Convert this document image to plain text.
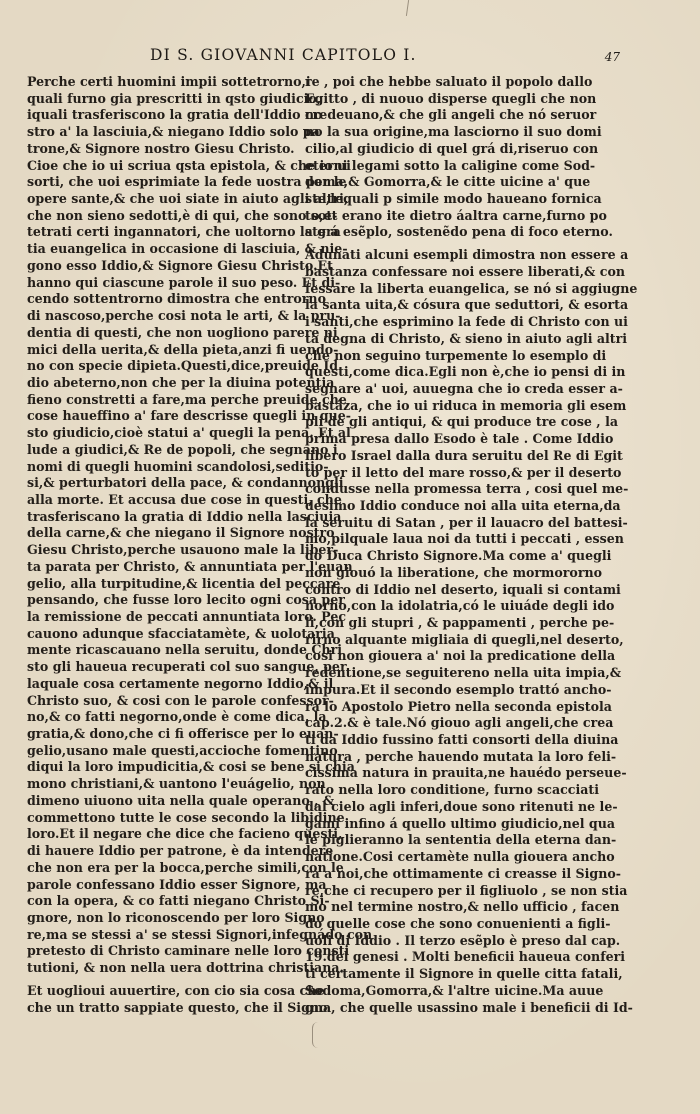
DI S. GIOVANNI CAPITOLO I.	47
Perche certi huomini impii sottetrorno,i
quali furno gia prescritti in qsto giudicio,
iquali trasferiscono la gratia dell'Iddio no
stro a' la lasciuia,& niegano Iddio solo pa
trone,& Signore nostro Giesu Christo.
Cioe che io ui scriua qsta epistola, & che io ui
sorti, che uoi esprimiate la fede uostra per le
opere sante,& che uoi siate in aiuto agli altri,
che non sieno sedotti,è di qui, che sono sot-
tetrati certi ingannatori, che uoltorno la gra
tia euangelica in occasione di lasciuia, & nie-
gono esso Iddio,& Signore Giesu Christo.Et
hanno qui ciascune parole il suo peso. Et di-
cendo sottentrorno dimostra che entrorno
di nascoso,perche cosi nota le arti, & la pru-
dentia di questi, che non uogliono parere ni
mici della uerita,& della pieta,anzi fi uendo-
no con specie dipieta.Questi,dice,preuide Id
dio abeterno,non che per la diuina potentia
fieno constretti a fare,ma perche preuide,che
cose haueffino a' fare descrisse quegli in que-
sto giudicio,cioè statui a' quegli la pena. Et al
lude a giudici,& Re de popoli, che segnano i
nomi di quegli huomini scandolosi,seditio-
si,& perturbatori della pace, & condannongli
alla morte. Et accusa due cose in questi, che
trasferiscano la gratia di Iddio nella lasciuia
della carne,& che niegano il Signore nostro
Giesu Christo,perche usauono male la liber-
ta parata per Christo, & annuntiata per l'euan
gelio, alla turpitudine,& licentia del peccare
pensando, che fusse loro lecito ogni cosa per
la remissione de peccati annuntiata loro. Pec
cauono adunque sfacciatamète, & uolotaria
mente ricascauano nella seruitu, donde Chri
sto gli haueua recuperati col suo sangue, per
laquale cosa certamente negorno Iddio,& il
Christo suo, & cosi con le parole confessor-
no,& co fatti negorno,onde è come dica, la
gratia,& dono,che ci fi offerisce per lo euan-
gelio,usano male questi,accioche fomentino
diqui la loro impudicitia,& cosi se bene si chia
mono christiani,& uantono l'euágelio, non
dimeno uiuono uita nella quale operano , &
commettono tutte le cose secondo la libidine
loro.Et il negare che dice che facieno questi,
di hauere Iddio per patrone, è da intendere
che non era per la bocca,perche simili,con le
parole confessano Iddio esser Signore, ma
con la opera, & co fatti niegano Christo Si-
gnore, non lo riconoscendo per loro Signo
re,ma se stessi a' se stessi Signori,infegnádo con
pretesto di Christo caminare nelle loro consti
tutioni, & non nella uera dottrina christiana.
Et uoglioui auuertire, con cio sia cosa che
che un tratto sappiate questo, che il Signo
re , poi che hebbe saluato il popolo dallo
Egitto , di nuouo disperse quegli che non
credeuano,& che gli angeli che nó seruor
no la sua origine,ma lasciorno il suo domi
cilio,al giudicio di quel grá di,riseruo con
eterni legami sotto la caligine come Sod-
doma,& Gomorra,& le citte uicine a' que
ste,lequali p simile modo haueano fornica
to,et erano ite dietro áaltra carne,furno po
ste á esẽplo, sostenẽdo pena di foco eterno.
Adunati alcuni esempli dimostra non essere a
bastanza confessare noi essere liberati,& con
fessare la liberta euangelica, se nó si aggiugne
la santa uita,& cósura que seduttori, & esorta
i santi,che esprimino la fede di Christo con ui
ta degna di Christo, & sieno in aiuto agli altri
che non seguino turpemente lo esemplo di
questi,come dica.Egli non è,che io pensi di in
segnare a' uoi, auuegna che io creda esser a-
bastáza, che io ui riduca in memoria gli esem
pli de gli antiqui, & qui produce tre cose , la
prima presa dallo Esodo è tale . Come Iddio
libero Israel dalla dura seruitu del Re di Egit
to per il letto del mare rosso,& per il deserto
condusse nella promessa terra , cosi quel me-
desimo Iddio conduce noi alla uita eterna,da
la seruitu di Satan , per il lauacro del battesi-
mo,pilquale laua noi da tutti i peccati , essen
do Duca Christo Signore.Ma come a' quegli
non giouó la liberatione, che mormororno
contro di Iddio nel deserto, iquali si contami
norno,con la idolatria,có le uiuáde degli ido
li,con gli stupri , & pappamenti , perche pe-
rirno alquante migliaia di quegli,nel deserto,
cosi non giouera a' noi la predicatione della
redentione,se seguitereno nella uita impia,&
impura.Et il secondo esemplo trattó ancho-
ra lo Apostolo Pietro nella seconda epistola
cap.2.& è tale.Nó giouo agli angeli,che crea
ti da Iddio fussino fatti consorti della diuina
natura , perche hauendo mutata la loro feli-
cissima natura in prauita,ne hauédo perseue-
rato nella loro conditione, furno scacciati
dal cielo agli inferi,doue sono ritenuti ne le-
gami infino á quello ultimo giudicio,nel qua
le piglieranno la sententia della eterna dan-
natione.Cosi certamète nulla giouera ancho
ra a noi,che ottimamente ci creasse il Signo-
re,che ci recupero per il figliuolo , se non stia
mo nel termine nostro,& nello ufficio , facen
do quelle cose che sono conuenienti a figli-
uoli di Iddio . Il terzo esẽplo è preso dal cap.
19.del genesi . Molti beneficii haueua conferi
ti certamente il Signore in quelle citta fatali,
Sodoma,Gomorra,& l'altre uicine.Ma auue
gna, che quelle usassino male i beneficii di Id-
